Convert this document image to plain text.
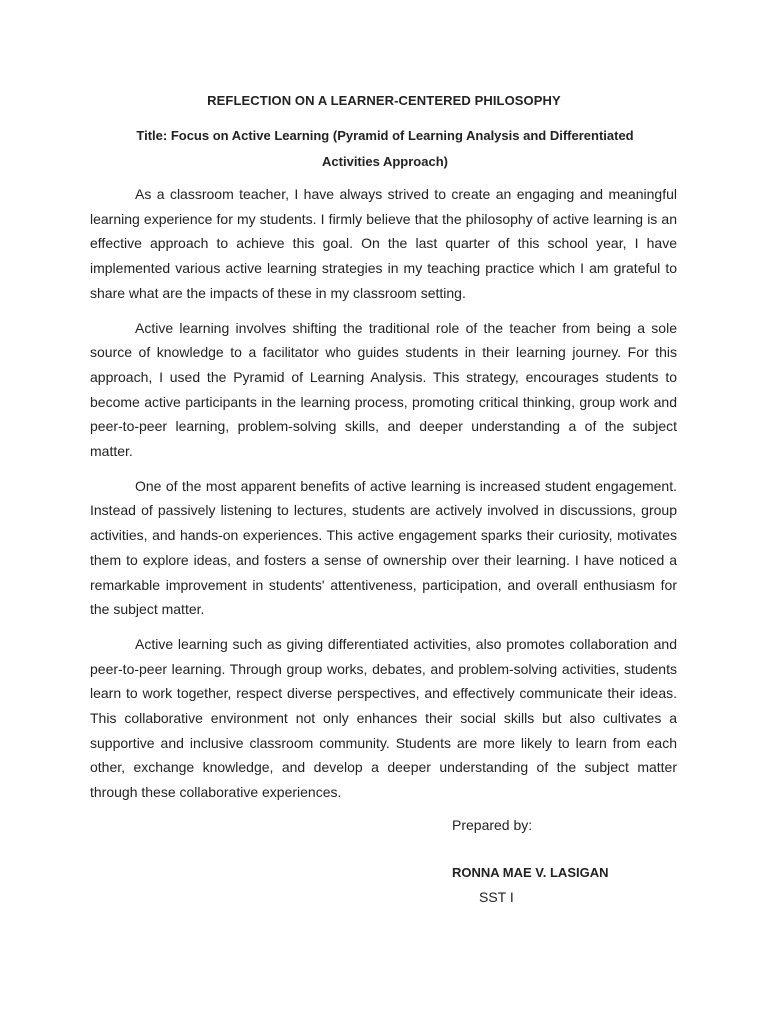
REFLECTION ON A LEARNER-CENTERED PHILOSOPHY
Title: Focus on Active Learning (Pyramid of Learning Analysis and Differentiated Activities Approach)

As a classroom teacher, I have always strived to create an engaging and meaningful learning experience for my students. I firmly believe that the philosophy of active learning is an effective approach to achieve this goal. On the last quarter of this school year, I have implemented various active learning strategies in my teaching practice which I am grateful to share what are the impacts of these in my classroom setting.

Active learning involves shifting the traditional role of the teacher from being a sole source of knowledge to a facilitator who guides students in their learning journey. For this approach, I used the Pyramid of Learning Analysis. This strategy, encourages students to become active participants in the learning process, promoting critical thinking, group work and peer-to-peer learning, problem-solving skills, and deeper understanding a of the subject matter.

One of the most apparent benefits of active learning is increased student engagement. Instead of passively listening to lectures, students are actively involved in discussions, group activities, and hands-on experiences. This active engagement sparks their curiosity, motivates them to explore ideas, and fosters a sense of ownership over their learning. I have noticed a remarkable improvement in students' attentiveness, participation, and overall enthusiasm for the subject matter.

Active learning such as giving differentiated activities, also promotes collaboration and peer-to-peer learning. Through group works, debates, and problem-solving activities, students learn to work together, respect diverse perspectives, and effectively communicate their ideas. This collaborative environment not only enhances their social skills but also cultivates a supportive and inclusive classroom community. Students are more likely to learn from each other, exchange knowledge, and develop a deeper understanding of the subject matter through these collaborative experiences.

Prepared by:
RONNA MAE V. LASIGAN
SST I
